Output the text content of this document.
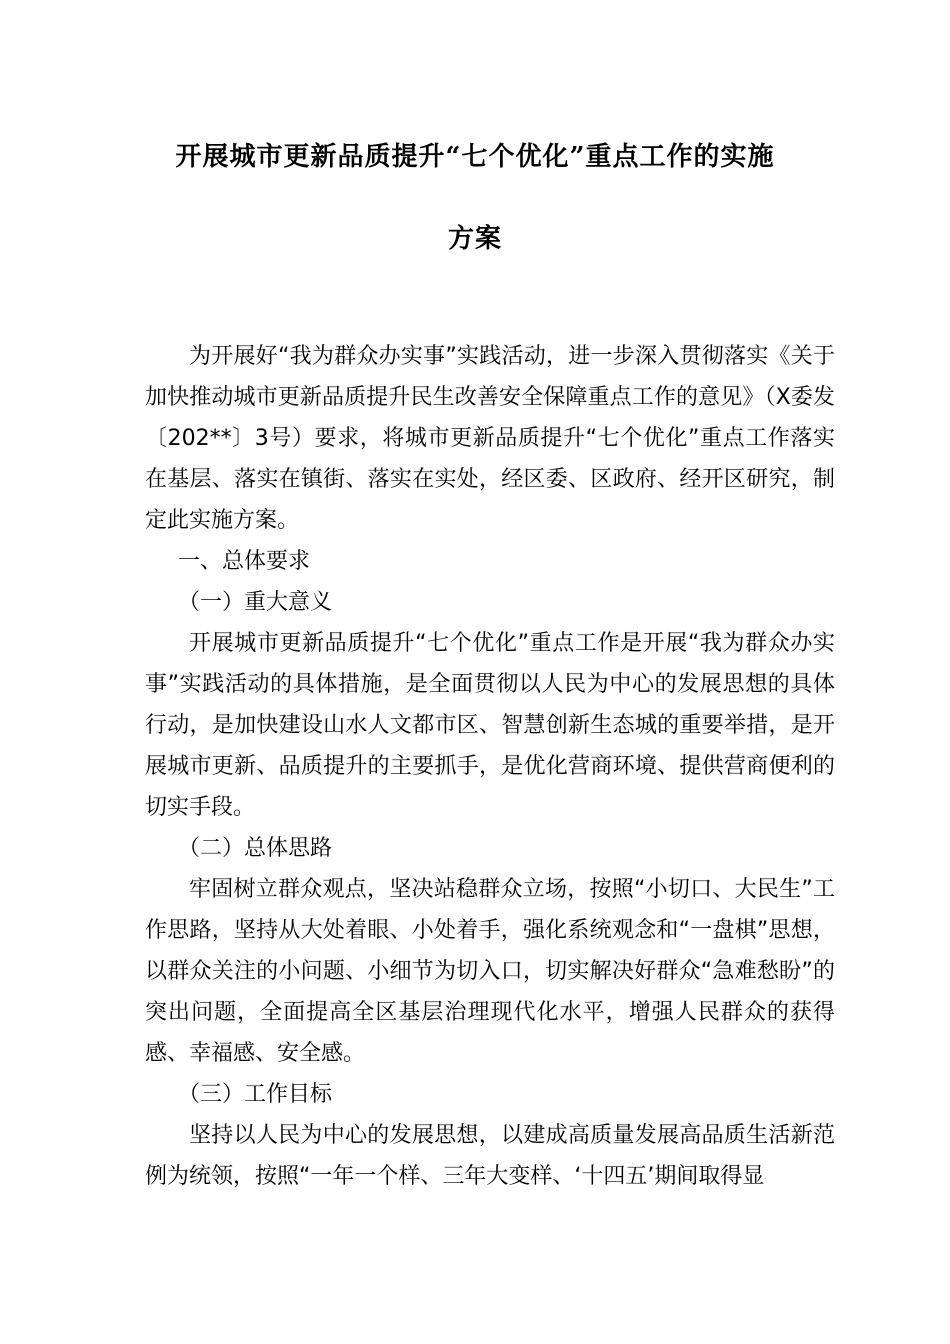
开展城市更新品质提升“七个优化”重点工作的实施
方案

为开展好“我为群众办实事”实践活动，进一步深入贯彻落实《关于加快推动城市更新品质提升民生改善安全保障重点工作的意见》（X委发〔202**〕3号）要求，将城市更新品质提升“七个优化”重点工作落实在基层、落实在镇街、落实在实处，经区委、区政府、经开区研究，制定此实施方案。

一、总体要求

（一）重大意义

开展城市更新品质提升“七个优化”重点工作是开展“我为群众办实事”实践活动的具体措施，是全面贯彻以人民为中心的发展思想的具体行动，是加快建设山水人文都市区、智慧创新生态城的重要举措，是开展城市更新、品质提升的主要抓手，是优化营商环境、提供营商便利的切实手段。

（二）总体思路

牢固树立群众观点，坚决站稳群众立场，按照“小切口、大民生”工作思路，坚持从大处着眼、小处着手，强化系统观念和“一盘棋”思想，以群众关注的小问题、小细节为切入口，切实解决好群众“急难愁盼”的突出问题，全面提高全区基层治理现代化水平，增强人民群众的获得感、幸福感、安全感。

（三）工作目标

坚持以人民为中心的发展思想，以建成高质量发展高品质生活新范例为统领，按照“一年一个样、三年大变样、‘十四五’期间取得显
